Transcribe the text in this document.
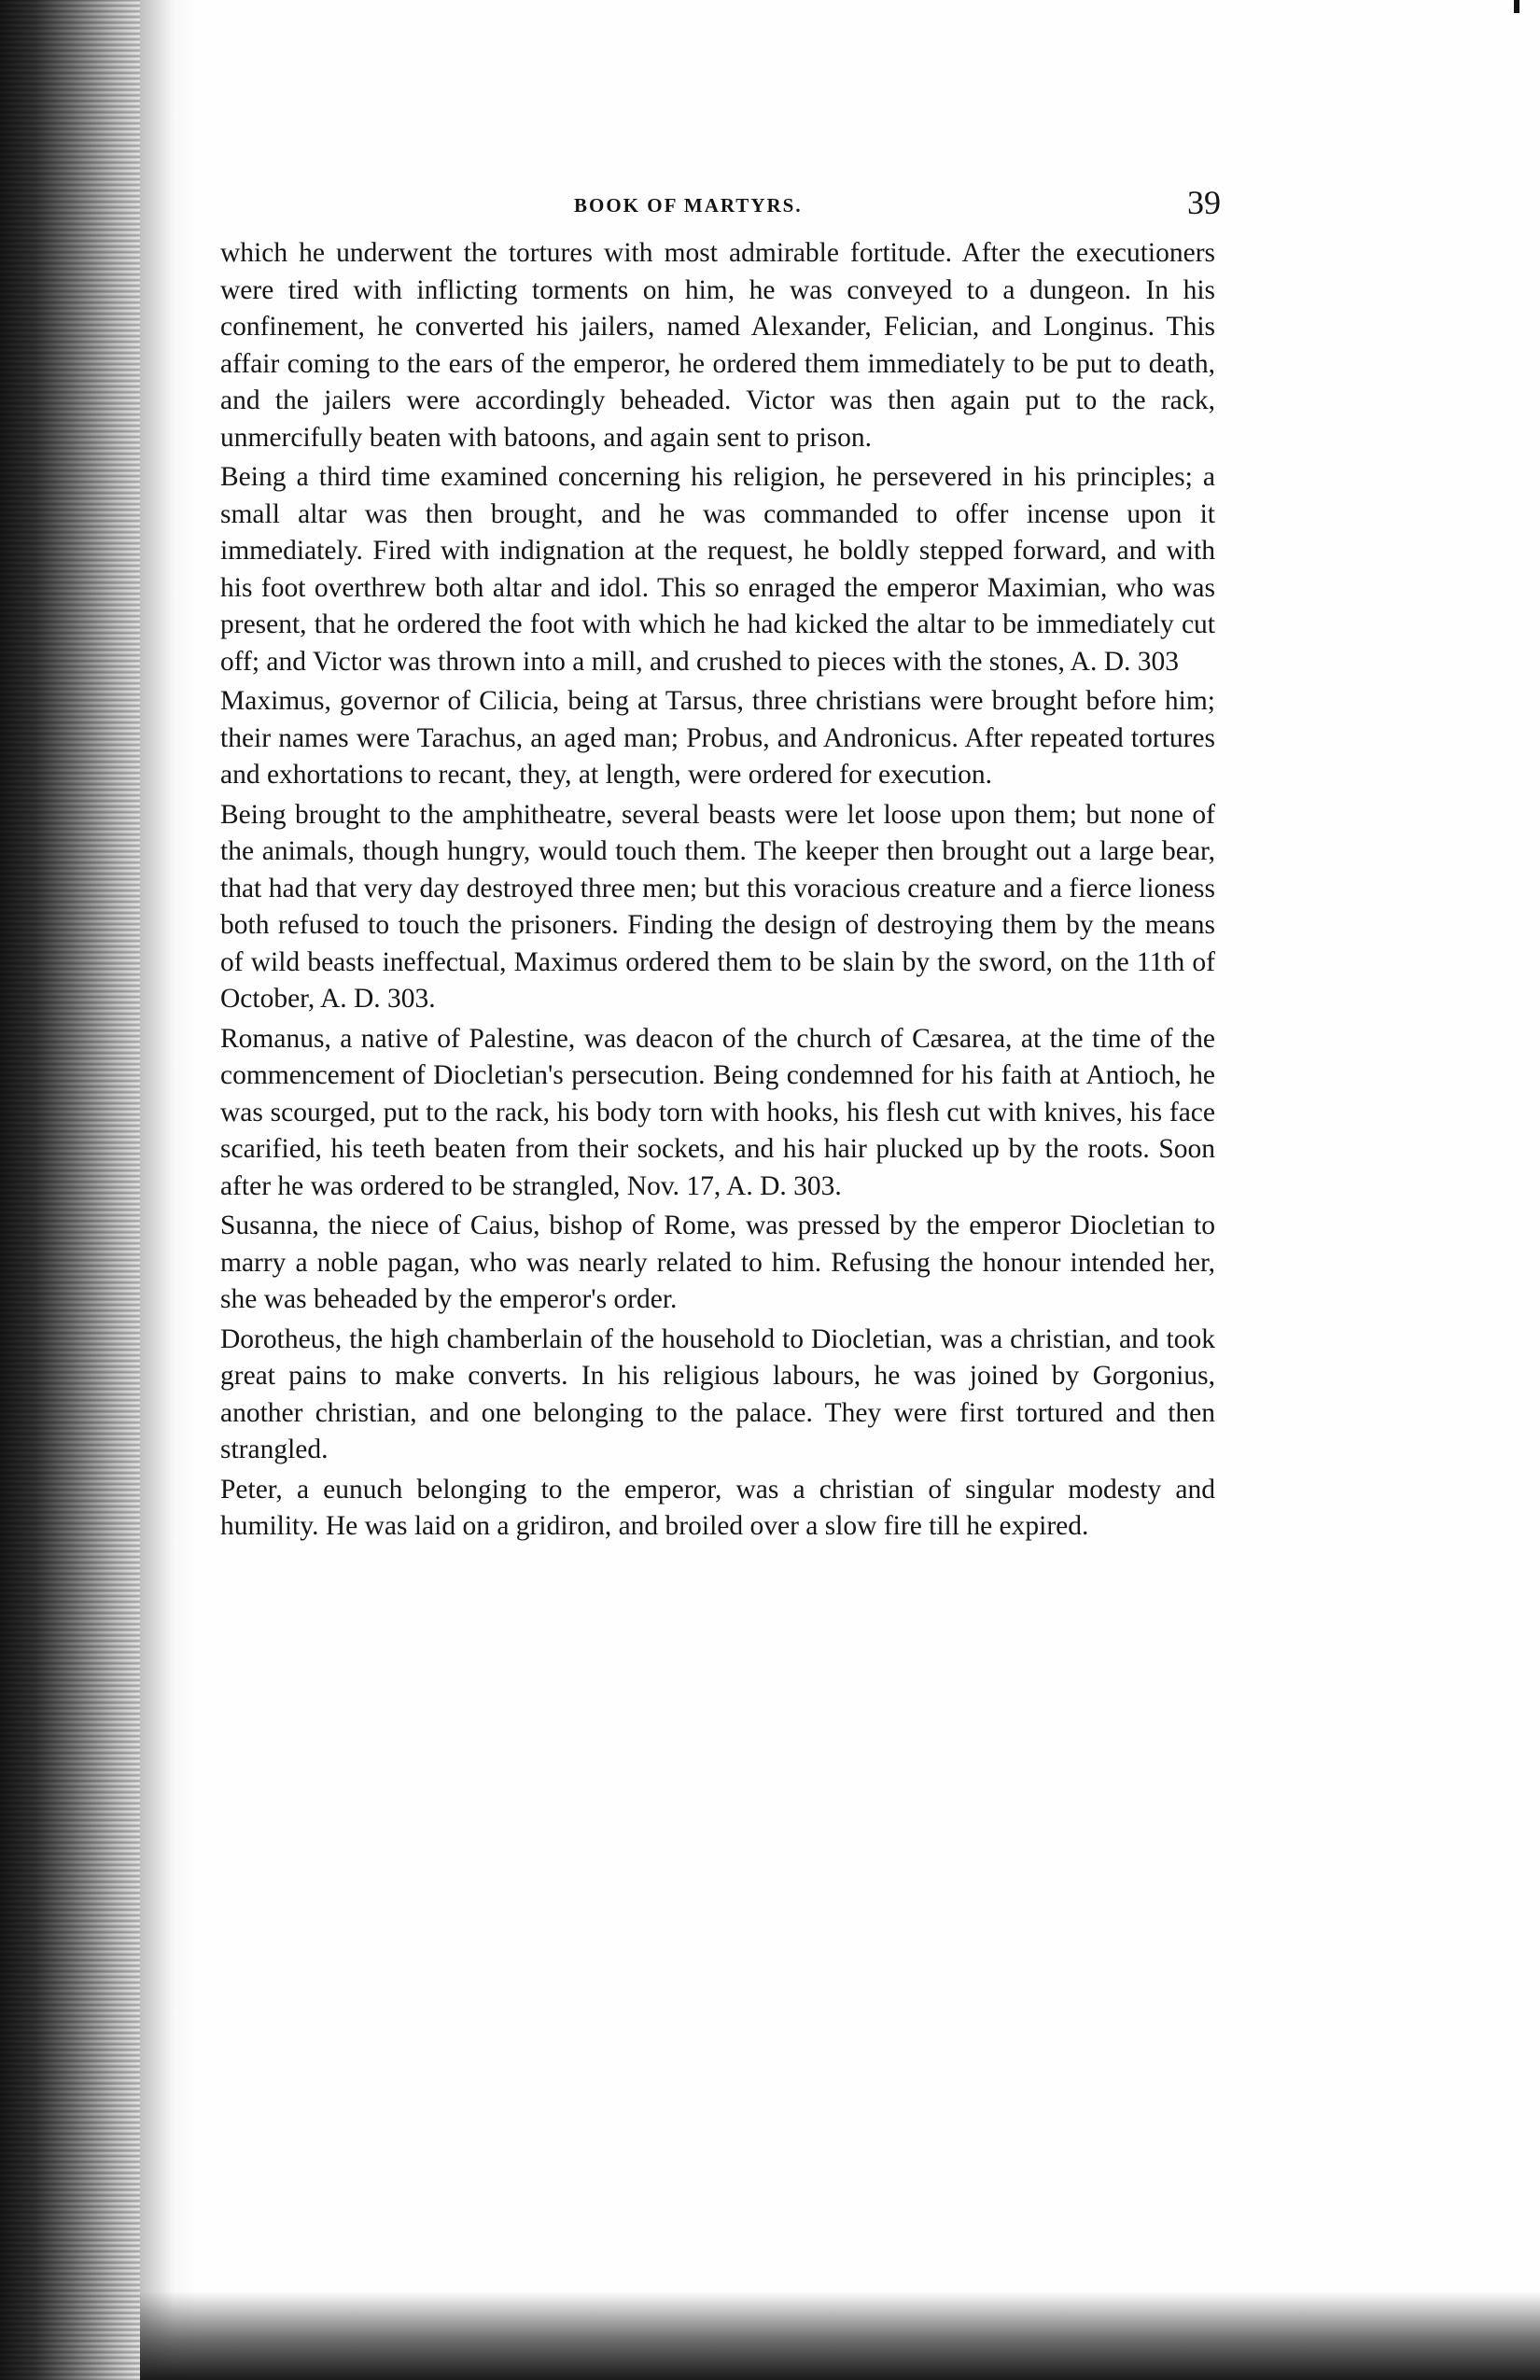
BOOK OF MARTYRS.	39

which he underwent the tortures with most admirable fortitude. After the executioners were tired with inflicting torments on him, he was conveyed to a dungeon. In his confinement, he converted his jailers, named Alexander, Felician, and Longinus. This affair coming to the ears of the emperor, he ordered them immediately to be put to death, and the jailers were accordingly beheaded. Victor was then again put to the rack, unmercifully beaten with batoons, and again sent to prison.

Being a third time examined concerning his religion, he persevered in his principles; a small altar was then brought, and he was commanded to offer incense upon it immediately. Fired with indignation at the request, he boldly stepped forward, and with his foot overthrew both altar and idol. This so enraged the emperor Maximian, who was present, that he ordered the foot with which he had kicked the altar to be immediately cut off; and Victor was thrown into a mill, and crushed to pieces with the stones, A. D. 303

Maximus, governor of Cilicia, being at Tarsus, three christians were brought before him; their names were Tarachus, an aged man; Probus, and Andronicus. After repeated tortures and exhortations to recant, they, at length, were ordered for execution.

Being brought to the amphitheatre, several beasts were let loose upon them; but none of the animals, though hungry, would touch them. The keeper then brought out a large bear, that had that very day destroyed three men; but this voracious creature and a fierce lioness both refused to touch the prisoners. Finding the design of destroying them by the means of wild beasts ineffectual, Maximus ordered them to be slain by the sword, on the 11th of October, A. D. 303.

Romanus, a native of Palestine, was deacon of the church of Cæsarea, at the time of the commencement of Diocletian's persecution. Being condemned for his faith at Antioch, he was scourged, put to the rack, his body torn with hooks, his flesh cut with knives, his face scarified, his teeth beaten from their sockets, and his hair plucked up by the roots. Soon after he was ordered to be strangled, Nov. 17, A. D. 303.

Susanna, the niece of Caius, bishop of Rome, was pressed by the emperor Diocletian to marry a noble pagan, who was nearly related to him. Refusing the honour intended her, she was beheaded by the emperor's order.

Dorotheus, the high chamberlain of the household to Diocletian, was a christian, and took great pains to make converts. In his religious labours, he was joined by Gorgonius, another christian, and one belonging to the palace. They were first tortured and then strangled.

Peter, a eunuch belonging to the emperor, was a christian of singular modesty and humility. He was laid on a gridiron, and broiled over a slow fire till he expired.
